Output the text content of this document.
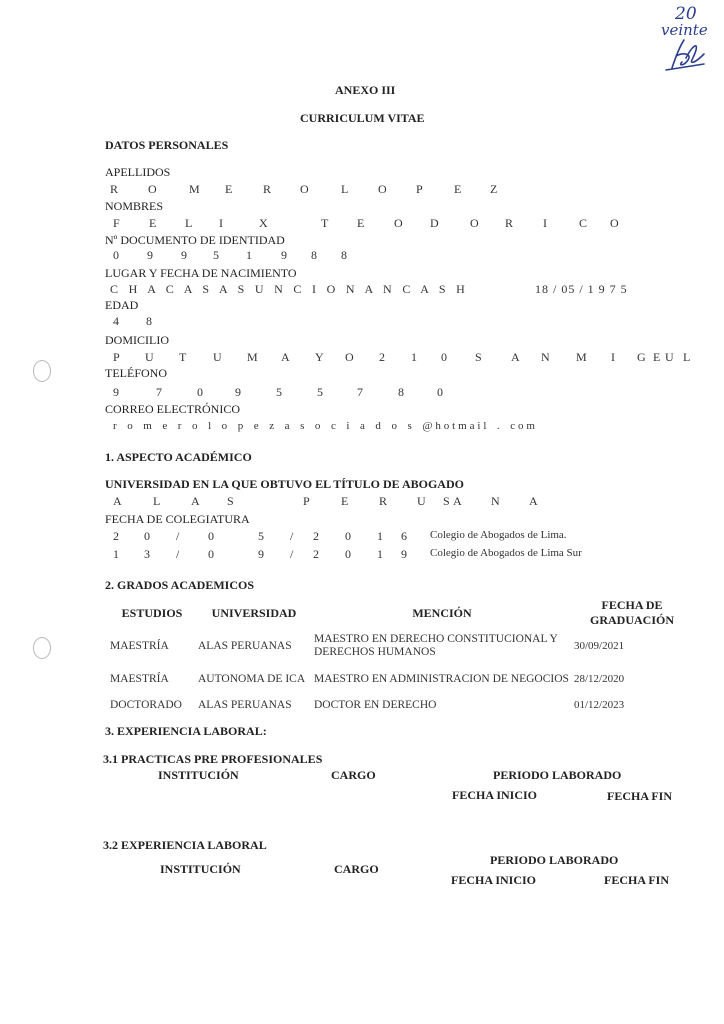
20
veinte
ANEXO III
CURRICULUM VITAE
DATOS PERSONALES
APELLIDOS
R O	M E	R O	L O P	E Z
NOMBRES
F E L I	X	T E O D	O R I	C O
Nº DOCUMENTO DE IDENTIDAD
0 9 9 5 1 9 8 8
LUGAR Y FECHA DE NACIMIENTO
C H A C A S A S U N C I O N A N C A S H	18 / 05 / 1 9 7 5
EDAD
4 8
DOMICILIO
P U T U M A Y O 2 1 0 S A N M I G U
E L
TELÉFONO
9	7	0	9	5	5	7	8	0
CORREO ELECTRÓNICO
r o m e r o l o p e z a s o c i a d o s @hotmail . com
1. ASPECTO ACADÉMICO
UNIVERSIDAD EN LA QUE OBTUVO EL TÍTULO DE ABOGADO
A	L	A S	P	E	R U A N A
S
FECHA DE COLEGIATURA
2 0 / 0	5 / 2 0 1 6 Colegio de Abogados de Lima.
1 3 / 0	9 / 2 0 1 9 Colegio de Abogados de Lima Sur
2. GRADOS ACADEMICOS
ESTUDIOS	UNIVERSIDAD	MENCIÓN	FECHA DE GRADUACIÓN
MAESTRÍA	ALAS PERUANAS	MAESTRO EN DERECHO CONSTITUCIONAL Y DERECHOS HUMANOS	30/09/2021
MAESTRÍA	AUTONOMA DE ICA	MAESTRO EN ADMINISTRACION DE NEGOCIOS	28/12/2020
DOCTORADO	ALAS PERUANAS	DOCTOR EN DERECHO	01/12/2023
3. EXPERIENCIA LABORAL:
3.1 PRACTICAS PRE PROFESIONALES
INSTITUCIÓN	CARGO	PERIODO LABORADO
FECHA INICIO	FECHA FIN
3.2 EXPERIENCIA LABORAL
INSTITUCIÓN	CARGO
PERIODO LABORADO
FECHA INICIO	FECHA FIN
